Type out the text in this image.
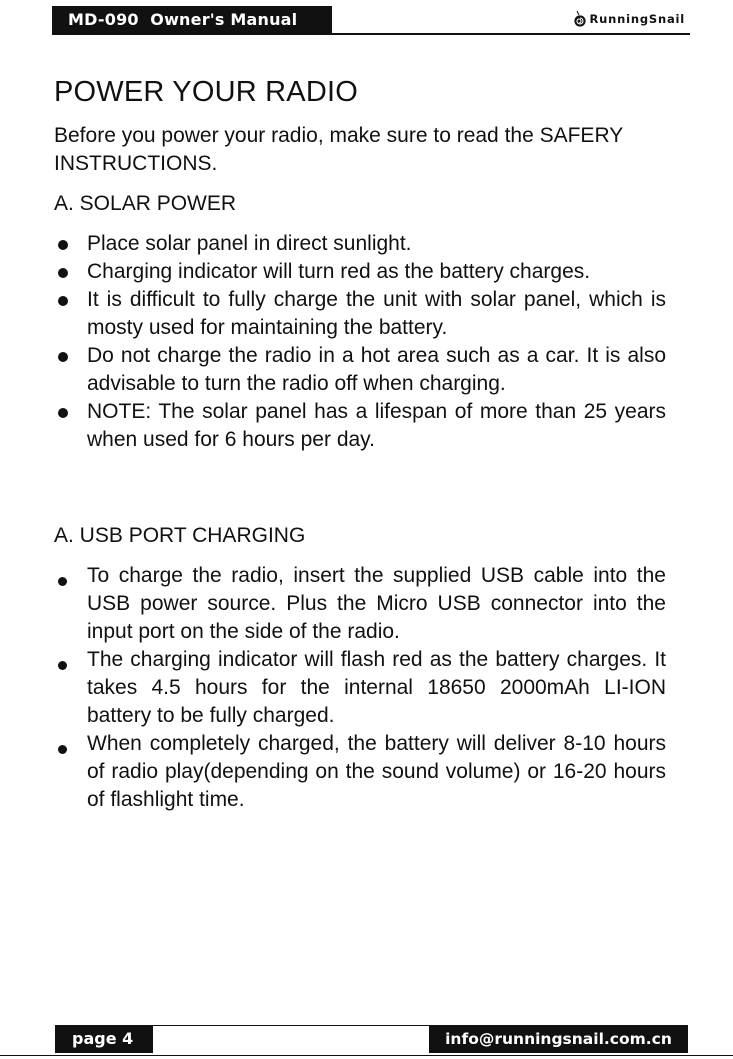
MD-090  Owner's Manual	RunningSnail
POWER YOUR RADIO

Before you power your radio, make sure to read the SAFERY INSTRUCTIONS.

A. SOLAR POWER
Place solar panel in direct sunlight.
Charging indicator will turn red as the battery charges.
It is difficult to fully charge the unit with solar panel, which is mosty used for maintaining the battery.
Do not charge the radio in a hot area such as a car. It is also advisable to turn the radio off when charging.
NOTE: The solar panel has a lifespan of more than 25 years when used for 6 hours per day.
A. USB PORT CHARGING
To charge the radio, insert the supplied USB cable into the USB power source. Plus the Micro USB connector into the input port on the side of the radio.
The charging indicator will flash red as the battery charges. It takes 4.5 hours for the internal 18650 2000mAh LI-ION battery to be fully charged.
When completely charged, the battery will deliver 8-10 hours of radio play(depending on the sound volume) or 16-20 hours of flashlight time.
page 4	info@runningsnail.com.cn
